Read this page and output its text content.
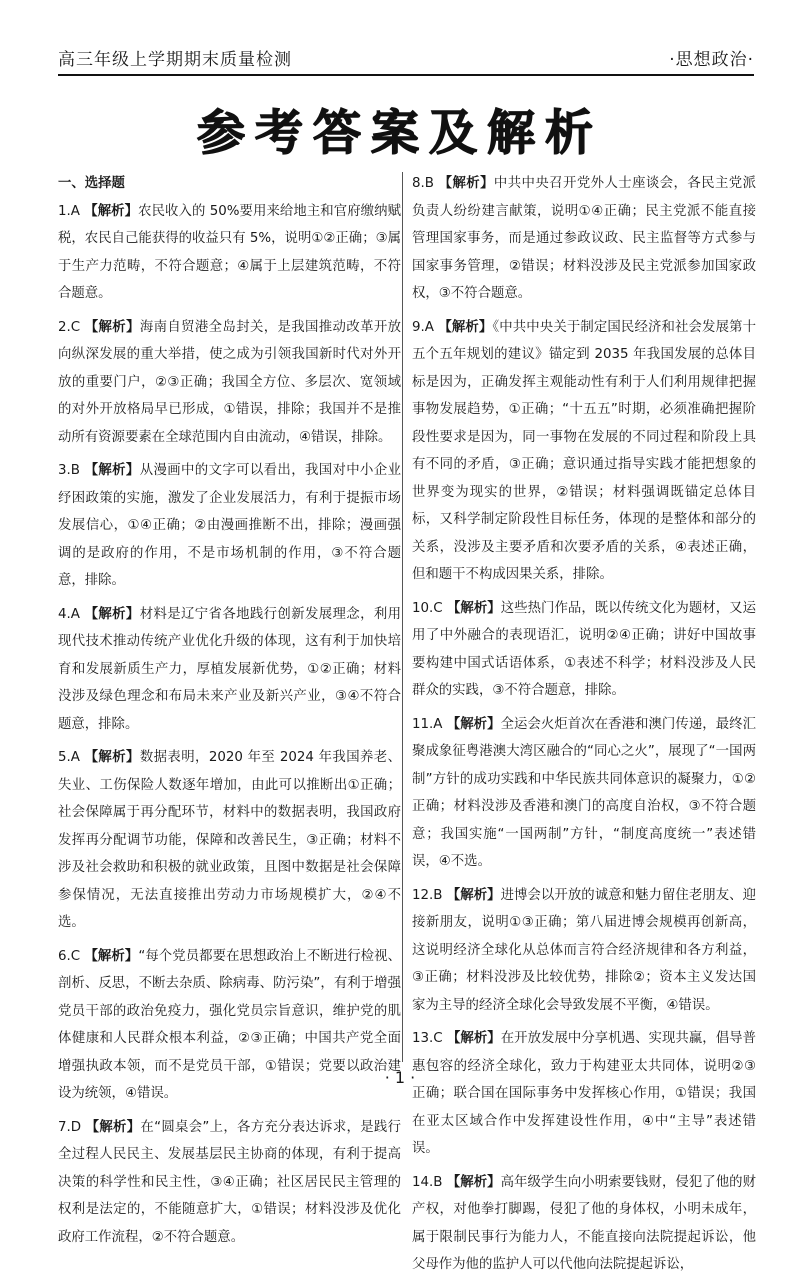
高三年级上学期期末质量检测	·思想政治·
参考答案及解析
一、选择题
1.A 【解析】农民收入的 50%要用来给地主和官府缴纳赋税，农民自己能获得的收益只有 5%，说明①②正确；③属于生产力范畴，不符合题意；④属于上层建筑范畴，不符合题意。
2.C 【解析】海南自贸港全岛封关，是我国推动改革开放向纵深发展的重大举措，使之成为引领我国新时代对外开放的重要门户，②③正确；我国全方位、多层次、宽领域的对外开放格局早已形成，①错误，排除；我国并不是推动所有资源要素在全球范围内自由流动，④错误，排除。
3.B 【解析】从漫画中的文字可以看出，我国对中小企业纾困政策的实施，激发了企业发展活力，有利于提振市场发展信心，①④正确；②由漫画推断不出，排除；漫画强调的是政府的作用，不是市场机制的作用，③不符合题意，排除。
4.A 【解析】材料是辽宁省各地践行创新发展理念，利用现代技术推动传统产业优化升级的体现，这有利于加快培育和发展新质生产力，厚植发展新优势，①②正确；材料没涉及绿色理念和布局未来产业及新兴产业，③④不符合题意，排除。
5.A 【解析】数据表明，2020 年至 2024 年我国养老、失业、工伤保险人数逐年增加，由此可以推断出①正确；社会保障属于再分配环节，材料中的数据表明，我国政府发挥再分配调节功能，保障和改善民生，③正确；材料不涉及社会救助和积极的就业政策，且图中数据是社会保障参保情况，无法直接推出劳动力市场规模扩大，②④不选。
6.C 【解析】“每个党员都要在思想政治上不断进行检视、剖析、反思，不断去杂质、除病毒、防污染”，有利于增强党员干部的政治免疫力，强化党员宗旨意识，维护党的肌体健康和人民群众根本利益，②③正确；中国共产党全面增强执政本领，而不是党员干部，①错误；党要以政治建设为统领，④错误。
7.D 【解析】在“圆桌会”上，各方充分表达诉求，是践行全过程人民民主、发展基层民主协商的体现，有利于提高决策的科学性和民主性，③④正确；社区居民民主管理的权利是法定的，不能随意扩大，①错误；材料没涉及优化政府工作流程，②不符合题意。
8.B 【解析】中共中央召开党外人士座谈会，各民主党派负责人纷纷建言献策，说明①④正确；民主党派不能直接管理国家事务，而是通过参政议政、民主监督等方式参与国家事务管理，②错误；材料没涉及民主党派参加国家政权，③不符合题意。
9.A 【解析】《中共中央关于制定国民经济和社会发展第十五个五年规划的建议》锚定到 2035 年我国发展的总体目标是因为，正确发挥主观能动性有利于人们利用规律把握事物发展趋势，①正确；“十五五”时期，必须准确把握阶段性要求是因为，同一事物在发展的不同过程和阶段上具有不同的矛盾，③正确；意识通过指导实践才能把想象的世界变为现实的世界，②错误；材料强调既锚定总体目标，又科学制定阶段性目标任务，体现的是整体和部分的关系，没涉及主要矛盾和次要矛盾的关系，④表述正确，但和题干不构成因果关系，排除。
10.C 【解析】这些热门作品，既以传统文化为题材，又运用了中外融合的表现语汇，说明②④正确；讲好中国故事要构建中国式话语体系，①表述不科学；材料没涉及人民群众的实践，③不符合题意，排除。
11.A 【解析】全运会火炬首次在香港和澳门传递，最终汇聚成象征粤港澳大湾区融合的“同心之火”，展现了“一国两制”方针的成功实践和中华民族共同体意识的凝聚力，①②正确；材料没涉及香港和澳门的高度自治权，③不符合题意；我国实施“一国两制”方针，“制度高度统一”表述错误，④不选。
12.B 【解析】进博会以开放的诚意和魅力留住老朋友、迎接新朋友，说明①③正确；第八届进博会规模再创新高，这说明经济全球化从总体而言符合经济规律和各方利益，③正确；材料没涉及比较优势，排除②；资本主义发达国家为主导的经济全球化会导致发展不平衡，④错误。
13.C 【解析】在开放发展中分享机遇、实现共赢，倡导普惠包容的经济全球化，致力于构建亚太共同体，说明②③正确；联合国在国际事务中发挥核心作用，①错误；我国在亚太区域合作中发挥建设性作用，④中“主导”表述错误。
14.B 【解析】高年级学生向小明索要钱财，侵犯了他的财产权，对他拳打脚踢，侵犯了他的身体权，小明未成年，属于限制民事行为能力人，不能直接向法院提起诉讼，他父母作为他的监护人可以代他向法院提起诉讼，
· 1 ·
